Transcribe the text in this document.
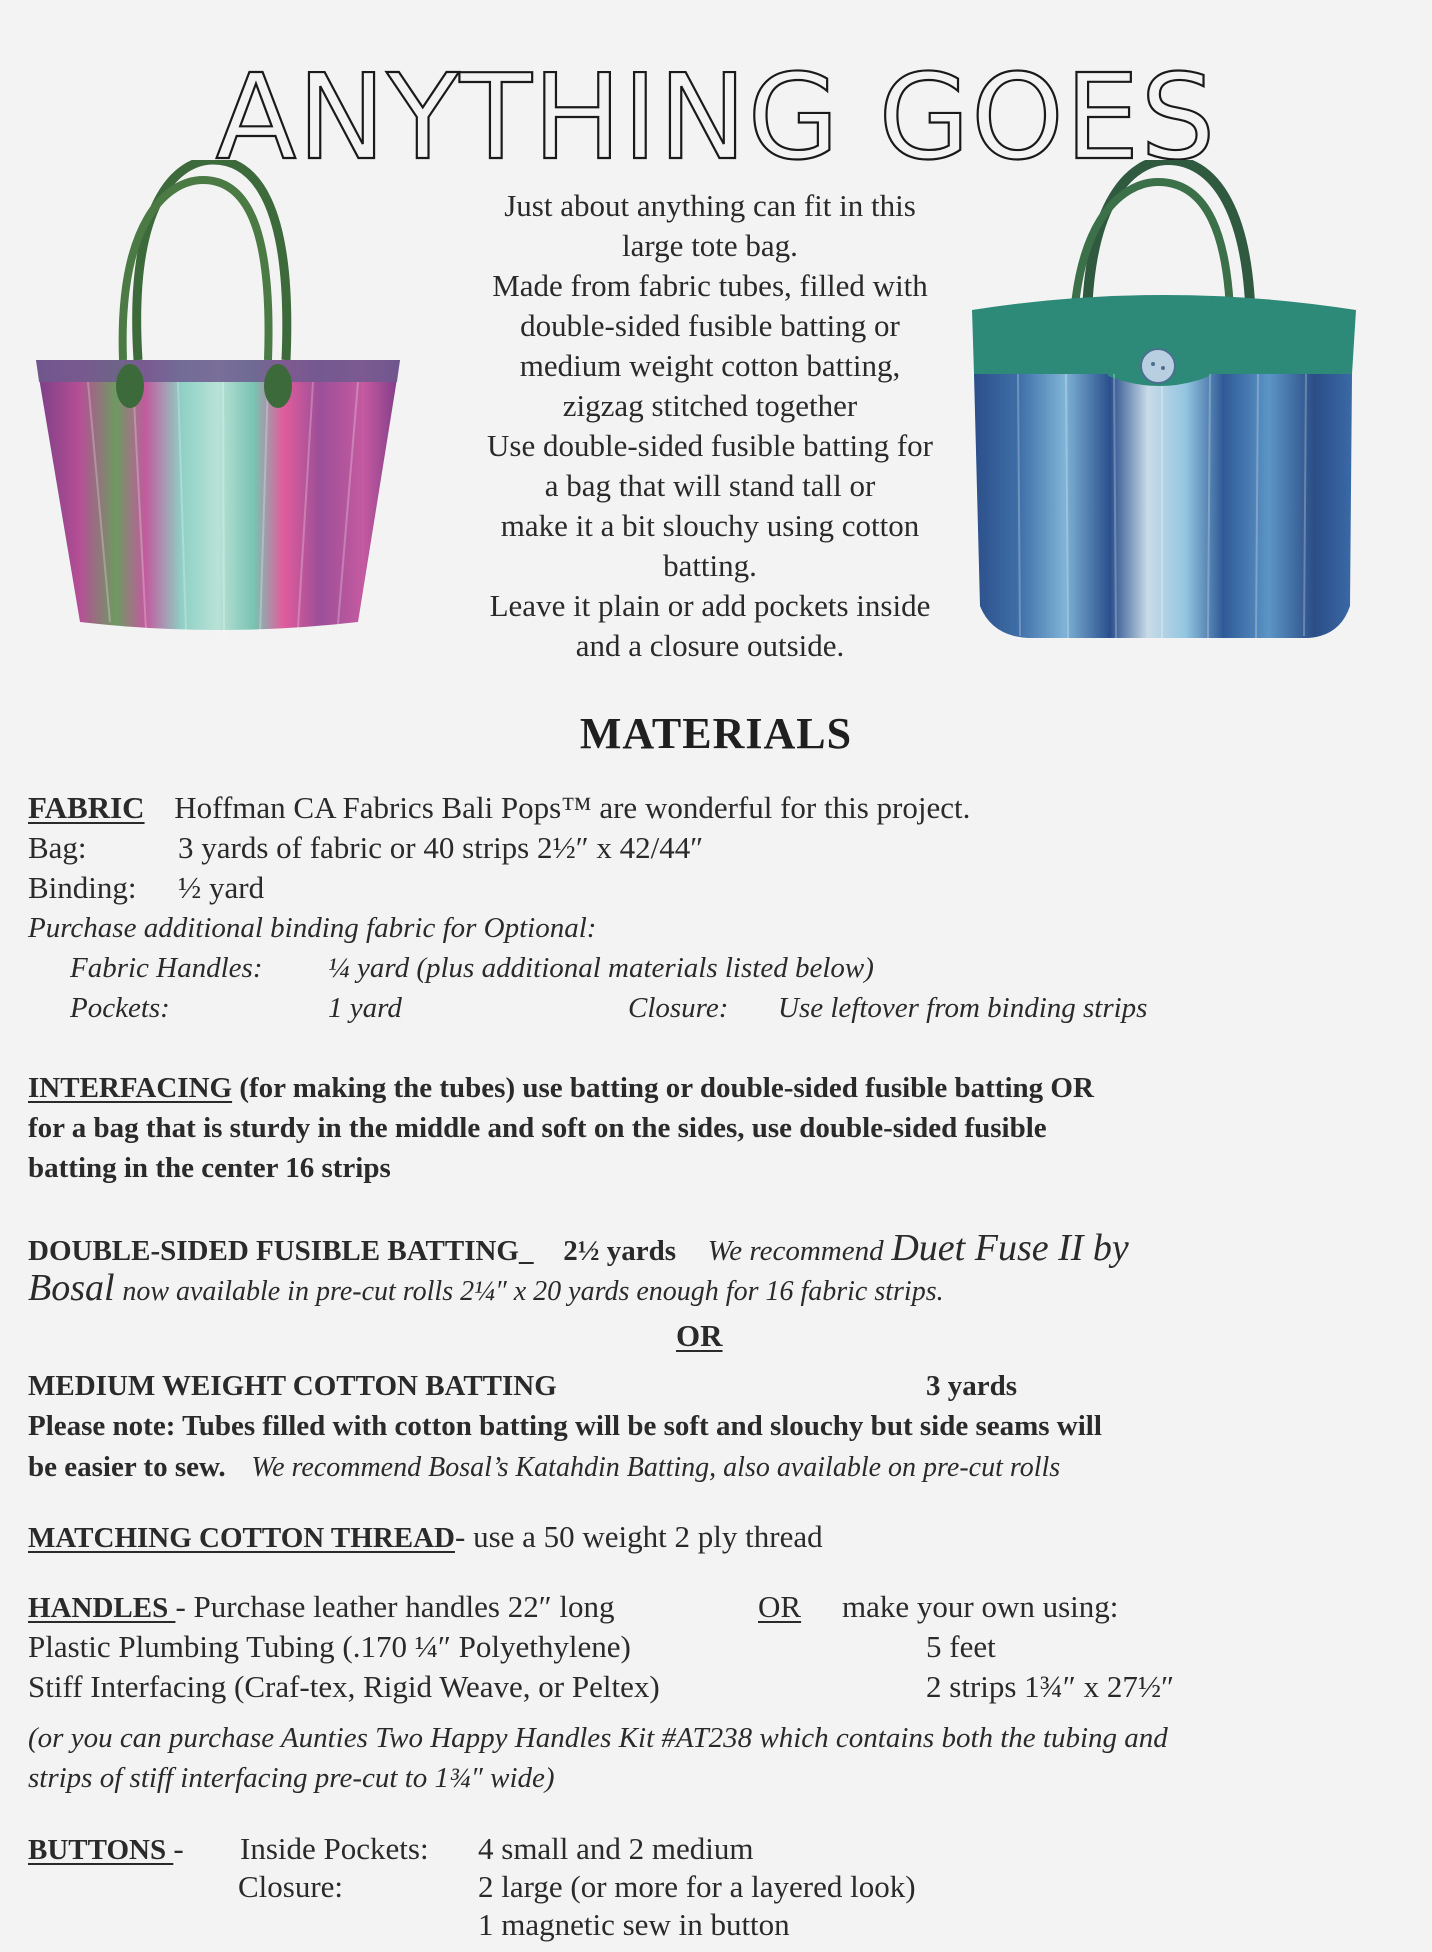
ANYTHING GOES
Just about anything can fit in this
large tote bag.
Made from fabric tubes, filled with
double-sided fusible batting or
medium weight cotton batting,
zigzag stitched together
Use double-sided fusible batting for
a bag that will stand tall or
make it a bit slouchy using cotton
batting.
Leave it plain or add pockets inside
and a closure outside.
MATERIALS
FABRIC Hoffman CA Fabrics Bali Pops™ are wonderful for this project.
Bag:	3 yards of fabric or 40 strips 2½″ x 42/44″
Binding: ½ yard
Purchase additional binding fabric for Optional:
Fabric Handles: ¼ yard (plus additional materials listed below)
Pockets:	1 yard	Closure: Use leftover from binding strips
INTERFACING (for making the tubes) use batting or double-sided fusible batting OR
for a bag that is sturdy in the middle and soft on the sides, use double-sided fusible
batting in the center 16 strips
DOUBLE-SIDED FUSIBLE BATTING_ 2½ yards We recommend Duet Fuse II by
Bosal now available in pre-cut rolls 2¼″ x 20 yards enough for 16 fabric strips.
OR
MEDIUM WEIGHT COTTON BATTING	3 yards
Please note: Tubes filled with cotton batting will be soft and slouchy but side seams will
be easier to sew. We recommend Bosal’s Katahdin Batting, also available on pre-cut rolls
MATCHING COTTON THREAD- use a 50 weight 2 ply thread
HANDLES - Purchase leather handles 22″ long	OR make your own using:
Plastic Plumbing Tubing (.170 ¼″ Polyethylene)	5 feet
Stiff Interfacing (Craf-tex, Rigid Weave, or Peltex)	2 strips 1¾″ x 27½″
(or you can purchase Aunties Two Happy Handles Kit #AT238 which contains both the tubing and
strips of stiff interfacing pre-cut to 1¾″ wide)
BUTTONS - Inside Pockets: 4 small and 2 medium
Closure:	2 large (or more for a layered look)
1 magnetic sew in button
